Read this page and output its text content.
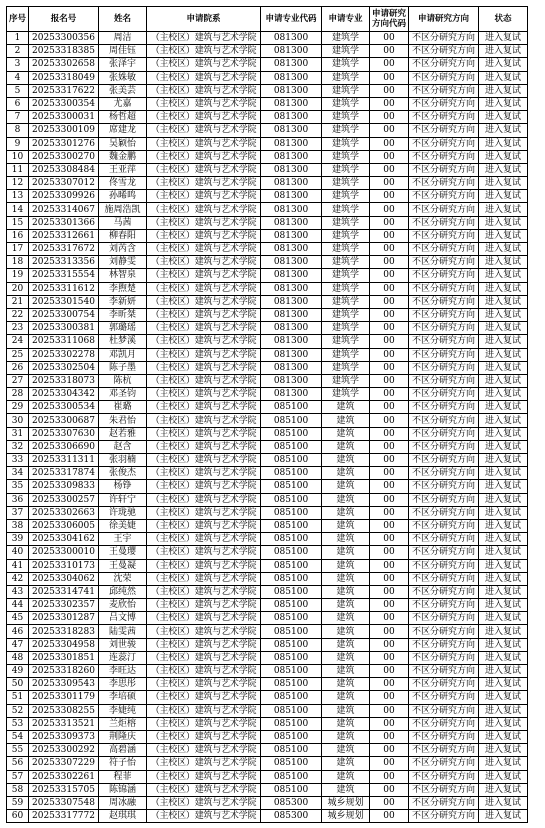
序号	报名号	姓名	申请院系	申请专业代码	申请专业	申请研究方向代码	申请研究方向	状态
1	20253300356	周洁	（主校区）建筑与艺术学院	081300	建筑学	00	不区分研究方向	进入复试
2	20253318385	周佳钰	（主校区）建筑与艺术学院	081300	建筑学	00	不区分研究方向	进入复试
3	20253302658	张泽宇	（主校区）建筑与艺术学院	081300	建筑学	00	不区分研究方向	进入复试
4	20253318049	张姝敏	（主校区）建筑与艺术学院	081300	建筑学	00	不区分研究方向	进入复试
5	20253317622	张美芸	（主校区）建筑与艺术学院	081300	建筑学	00	不区分研究方向	进入复试
6	20253300354	尤嘉	（主校区）建筑与艺术学院	081300	建筑学	00	不区分研究方向	进入复试
7	20253300031	杨哲超	（主校区）建筑与艺术学院	081300	建筑学	00	不区分研究方向	进入复试
8	20253300109	席建龙	（主校区）建筑与艺术学院	081300	建筑学	00	不区分研究方向	进入复试
9	20253301276	吴颖怡	（主校区）建筑与艺术学院	081300	建筑学	00	不区分研究方向	进入复试
10	20253300270	魏金鹏	（主校区）建筑与艺术学院	081300	建筑学	00	不区分研究方向	进入复试
11	20253308484	王亚萍	（主校区）建筑与艺术学院	081300	建筑学	00	不区分研究方向	进入复试
12	20253307012	佟雪龙	（主校区）建筑与艺术学院	081300	建筑学	00	不区分研究方向	进入复试
13	20253309926	孙晞鸣	（主校区）建筑与艺术学院	081300	建筑学	00	不区分研究方向	进入复试
14	20253314067	施周浩凯	（主校区）建筑与艺术学院	081300	建筑学	00	不区分研究方向	进入复试
15	20253301366	马茜	（主校区）建筑与艺术学院	081300	建筑学	00	不区分研究方向	进入复试
16	20253312661	柳春阳	（主校区）建筑与艺术学院	081300	建筑学	00	不区分研究方向	进入复试
17	20253317672	刘芮含	（主校区）建筑与艺术学院	081300	建筑学	00	不区分研究方向	进入复试
18	20253313356	刘静雯	（主校区）建筑与艺术学院	081300	建筑学	00	不区分研究方向	进入复试
19	20253315554	林智泉	（主校区）建筑与艺术学院	081300	建筑学	00	不区分研究方向	进入复试
20	20253311612	李煦楚	（主校区）建筑与艺术学院	081300	建筑学	00	不区分研究方向	进入复试
21	20253301540	李新妍	（主校区）建筑与艺术学院	081300	建筑学	00	不区分研究方向	进入复试
22	20253300754	李昕桀	（主校区）建筑与艺术学院	081300	建筑学	00	不区分研究方向	进入复试
23	20253300381	郭璐瑶	（主校区）建筑与艺术学院	081300	建筑学	00	不区分研究方向	进入复试
24	20253311068	杜梦溪	（主校区）建筑与艺术学院	081300	建筑学	00	不区分研究方向	进入复试
25	20253302278	邓凯月	（主校区）建筑与艺术学院	081300	建筑学	00	不区分研究方向	进入复试
26	20253302504	陈子墨	（主校区）建筑与艺术学院	081300	建筑学	00	不区分研究方向	进入复试
27	20253318073	陈杭	（主校区）建筑与艺术学院	081300	建筑学	00	不区分研究方向	进入复试
28	20253304342	邓圣钧	（主校区）建筑与艺术学院	081300	建筑学	00	不区分研究方向	进入复试
29	20253300534	崔璐	（主校区）建筑与艺术学院	085100	建筑	00	不区分研究方向	进入复试
30	20253300687	朱君怡	（主校区）建筑与艺术学院	085100	建筑	00	不区分研究方向	进入复试
31	20253307630	赵若雅	（主校区）建筑与艺术学院	085100	建筑	00	不区分研究方向	进入复试
32	20253306690	赵含	（主校区）建筑与艺术学院	085100	建筑	00	不区分研究方向	进入复试
33	20253311311	张羽楠	（主校区）建筑与艺术学院	085100	建筑	00	不区分研究方向	进入复试
34	20253317874	张俊杰	（主校区）建筑与艺术学院	085100	建筑	00	不区分研究方向	进入复试
35	20253309833	杨铮	（主校区）建筑与艺术学院	085100	建筑	00	不区分研究方向	进入复试
36	20253300257	许轩宁	（主校区）建筑与艺术学院	085100	建筑	00	不区分研究方向	进入复试
37	20253302663	许珑驰	（主校区）建筑与艺术学院	085100	建筑	00	不区分研究方向	进入复试
38	20253306005	徐美婕	（主校区）建筑与艺术学院	085100	建筑	00	不区分研究方向	进入复试
39	20253304162	王宇	（主校区）建筑与艺术学院	085100	建筑	00	不区分研究方向	进入复试
40	20253300010	王曼璎	（主校区）建筑与艺术学院	085100	建筑	00	不区分研究方向	进入复试
41	20253310173	王曼凝	（主校区）建筑与艺术学院	085100	建筑	00	不区分研究方向	进入复试
42	20253304062	沈荣	（主校区）建筑与艺术学院	085100	建筑	00	不区分研究方向	进入复试
43	20253314741	邱纯然	（主校区）建筑与艺术学院	085100	建筑	00	不区分研究方向	进入复试
44	20253302357	麦欣怡	（主校区）建筑与艺术学院	085100	建筑	00	不区分研究方向	进入复试
45	20253301287	吕文博	（主校区）建筑与艺术学院	085100	建筑	00	不区分研究方向	进入复试
46	20253318283	陆雯茜	（主校区）建筑与艺术学院	085100	建筑	00	不区分研究方向	进入复试
47	20253304958	刘世骏	（主校区）建筑与艺术学院	085100	建筑	00	不区分研究方向	进入复试
48	20253301851	连蕊汀	（主校区）建筑与艺术学院	085100	建筑	00	不区分研究方向	进入复试
49	20253318260	李旺达	（主校区）建筑与艺术学院	085100	建筑	00	不区分研究方向	进入复试
50	20253309543	李思彤	（主校区）建筑与艺术学院	085100	建筑	00	不区分研究方向	进入复试
51	20253301179	李培硕	（主校区）建筑与艺术学院	085100	建筑	00	不区分研究方向	进入复试
52	20253308255	李婕纯	（主校区）建筑与艺术学院	085100	建筑	00	不区分研究方向	进入复试
53	20253313521	兰炬榕	（主校区）建筑与艺术学院	085100	建筑	00	不区分研究方向	进入复试
54	20253309373	荆隆庆	（主校区）建筑与艺术学院	085100	建筑	00	不区分研究方向	进入复试
55	20253300292	高碧涵	（主校区）建筑与艺术学院	085100	建筑	00	不区分研究方向	进入复试
56	20253307229	符子怡	（主校区）建筑与艺术学院	085100	建筑	00	不区分研究方向	进入复试
57	20253302261	程菲	（主校区）建筑与艺术学院	085100	建筑	00	不区分研究方向	进入复试
58	20253315705	陈锦涵	（主校区）建筑与艺术学院	085100	建筑	00	不区分研究方向	进入复试
59	20253307548	周冰融	（主校区）建筑与艺术学院	085300	城乡规划	00	不区分研究方向	进入复试
60	20253317772	赵琪琪	（主校区）建筑与艺术学院	085300	城乡规划	00	不区分研究方向	进入复试
